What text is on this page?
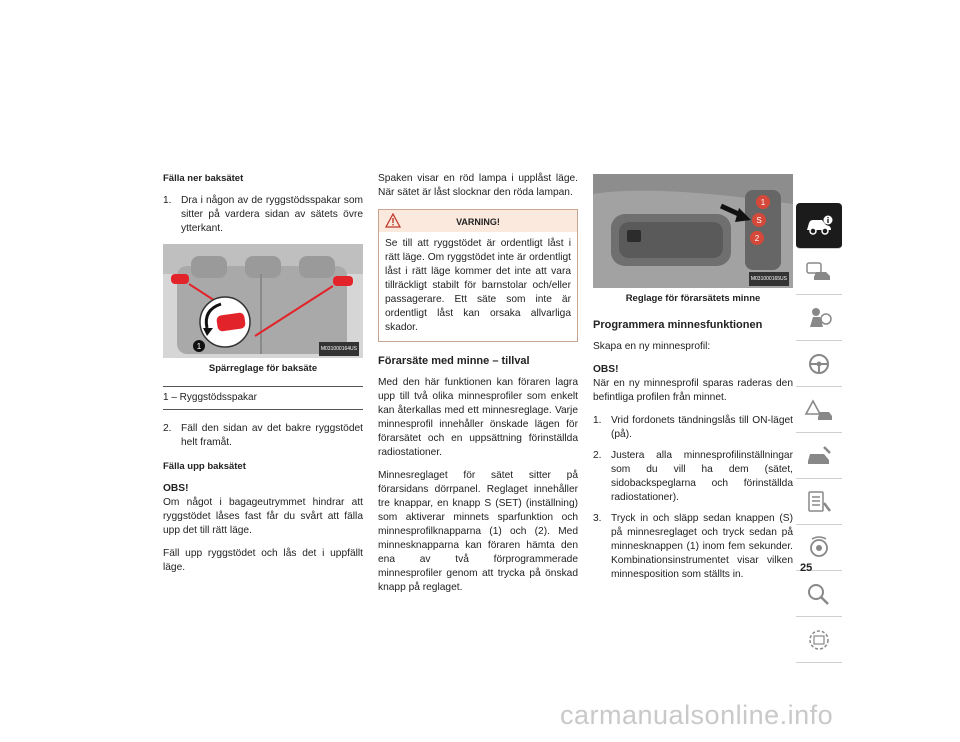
Fälla ner baksätet
1. Dra i någon av de ryggstödsspakar som sitter på vardera sidan av sätets övre ytterkant.
1	M031000164US
Spärreglage för baksäte
1 – Ryggstödsspakar
2. Fäll den sidan av det bakre ryggstödet helt framåt.
Fälla upp baksätet
OBS!

Om något i bagageutrymmet hindrar att ryggstödet låses fast får du svårt att fälla upp det till rätt läge.

Fäll upp ryggstödet och lås det i uppfällt läge.

Spaken visar en röd lampa i upplåst läge. När sätet är låst slocknar den röda lampan.

VARNING!
Se till att ryggstödet är ordentligt låst i rätt läge. Om ryggstödet inte är ordentligt låst i rätt läge kommer det inte att vara tillräckligt stabilt för barnstolar och/eller passagerare. Ett säte som inte är ordentligt låst kan orsaka allvarliga skador.
Förarsäte med minne – tillval

Med den här funktionen kan föraren lagra upp till två olika minnesprofiler som enkelt kan återkallas med ett minnesreglage. Varje minnesprofil innehåller önskade lägen för förarsätet och en uppsättning förinställda radiostationer.

Minnesreglaget för sätet sitter på förarsidans dörrpanel. Reglaget innehåller tre knappar, en knapp S (SET) (inställning) som aktiverar minnets sparfunktion och minnesprofilknapparna (1) och (2). Med minnesknapparna kan föraren hämta den ena av två förprogrammerade minnesprofiler genom att trycka på önskad knapp på reglaget.

1
S
2
M031000165US
Reglage för förarsätets minne
Programmera minnesfunktionen

Skapa en ny minnesprofil:

OBS!

När en ny minnesprofil sparas raderas den befintliga profilen från minnet.

1. Vrid fordonets tändningslås till ON-läget (på).
2. Justera alla minnesprofilinställningar som du vill ha dem (sätet, sidobackspeglarna och förinställda radiostationer).
3. Tryck in och släpp sedan knappen (S) på minnesreglaget och tryck sedan på minnesknappen (1) inom fem sekunder. Kombinationsinstrumentet visar vilken minnesposition som ställts in.
25
carmanualsonline.info
